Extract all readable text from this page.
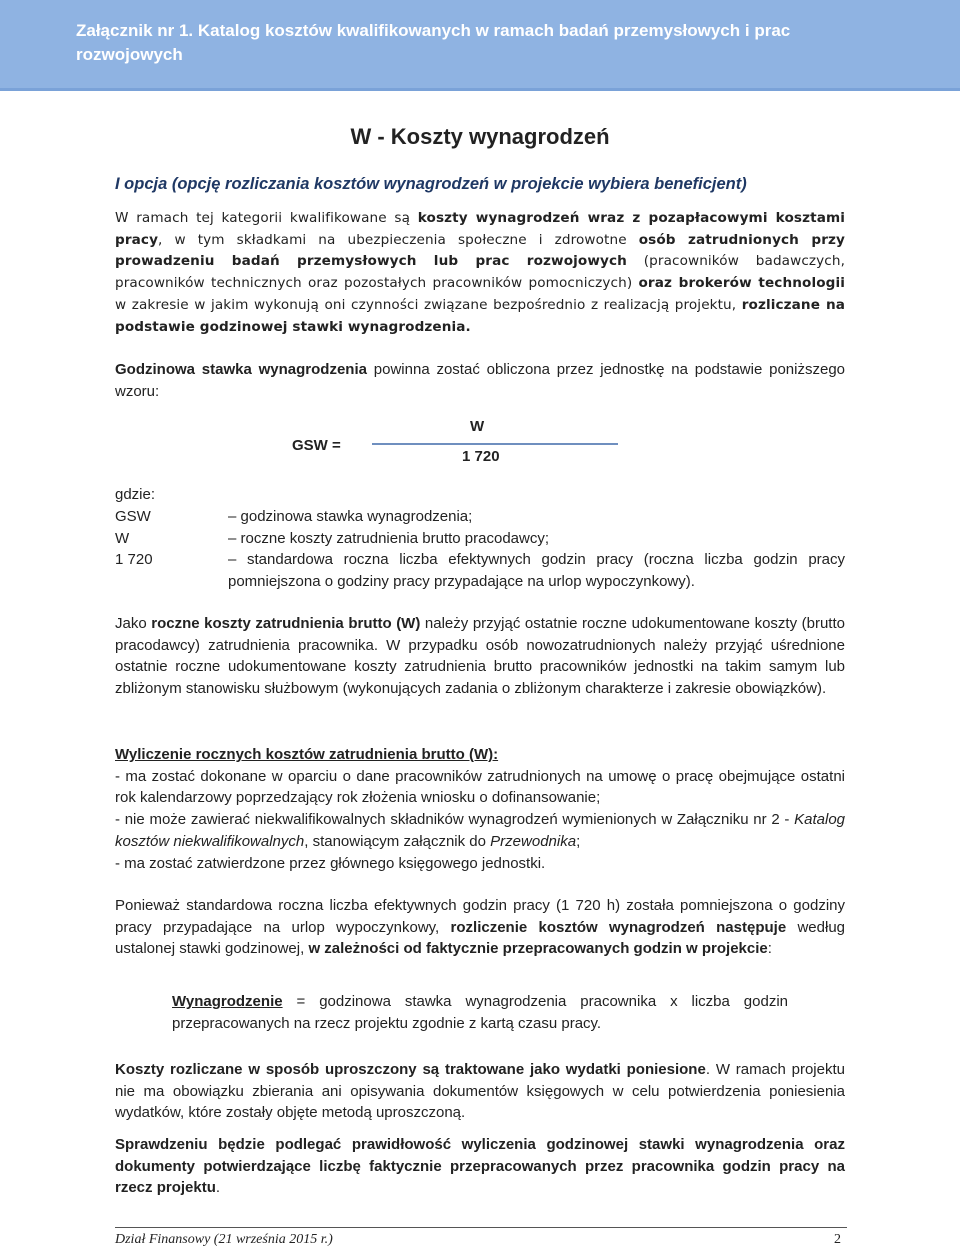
Załącznik nr 1. Katalog kosztów kwalifikowanych w ramach badań przemysłowych i prac rozwojowych

W - Koszty wynagrodzeń
I opcja (opcję rozliczania kosztów wynagrodzeń w projekcie wybiera beneficjent)
W ramach tej kategorii kwalifikowane są koszty wynagrodzeń wraz z pozapłacowymi kosztami pracy, w tym składkami na ubezpieczenia społeczne i zdrowotne osób zatrudnionych przy prowadzeniu badań przemysłowych lub prac rozwojowych (pracowników badawczych, pracowników technicznych oraz pozostałych pracowników pomocniczych) oraz brokerów technologii w zakresie w jakim wykonują oni czynności związane bezpośrednio z realizacją projektu, rozliczane na podstawie godzinowej stawki wynagrodzenia.
Godzinowa stawka wynagrodzenia powinna zostać obliczona przez jednostkę na podstawie poniższego wzoru:
GSW =
W
1 720
gdzie:
GSW	– godzinowa stawka wynagrodzenia;
W	– roczne koszty zatrudnienia brutto pracodawcy;
1 720	– standardowa roczna liczba efektywnych godzin pracy (roczna liczba godzin pracy pomniejszona o godziny pracy przypadające na urlop wypoczynkowy).
Jako roczne koszty zatrudnienia brutto (W) należy przyjąć ostatnie roczne udokumentowane koszty (brutto pracodawcy) zatrudnienia pracownika. W przypadku osób nowozatrudnionych należy przyjąć uśrednione ostatnie roczne udokumentowane koszty zatrudnienia brutto pracowników jednostki na takim samym lub zbliżonym stanowisku służbowym (wykonujących zadania o zbliżonym charakterze i zakresie obowiązków).
Wyliczenie rocznych kosztów zatrudnienia brutto (W):
- ma zostać dokonane w oparciu o dane pracowników zatrudnionych na umowę o pracę obejmujące ostatni rok kalendarzowy poprzedzający rok złożenia wniosku o dofinansowanie;
- nie może zawierać niekwalifikowalnych składników wynagrodzeń wymienionych w Załączniku nr 2 - Katalog kosztów niekwalifikowalnych, stanowiącym załącznik do Przewodnika;
- ma zostać zatwierdzone przez głównego księgowego jednostki.
Ponieważ standardowa roczna liczba efektywnych godzin pracy (1 720 h) została pomniejszona o godziny pracy przypadające na urlop wypoczynkowy, rozliczenie kosztów wynagrodzeń następuje według ustalonej stawki godzinowej, w zależności od faktycznie przepracowanych godzin w projekcie:
Wynagrodzenie = godzinowa stawka wynagrodzenia pracownika x liczba godzin przepracowanych na rzecz projektu zgodnie z kartą czasu pracy.
Koszty rozliczane w sposób uproszczony są traktowane jako wydatki poniesione. W ramach projektu nie ma obowiązku zbierania ani opisywania dokumentów księgowych w celu potwierdzenia poniesienia wydatków, które zostały objęte metodą uproszczoną.
Sprawdzeniu będzie podlegać prawidłowość wyliczenia godzinowej stawki wynagrodzenia oraz dokumenty potwierdzające liczbę faktycznie przepracowanych przez pracownika godzin pracy na rzecz projektu.
Dział Finansowy (21 września 2015 r.)	2
